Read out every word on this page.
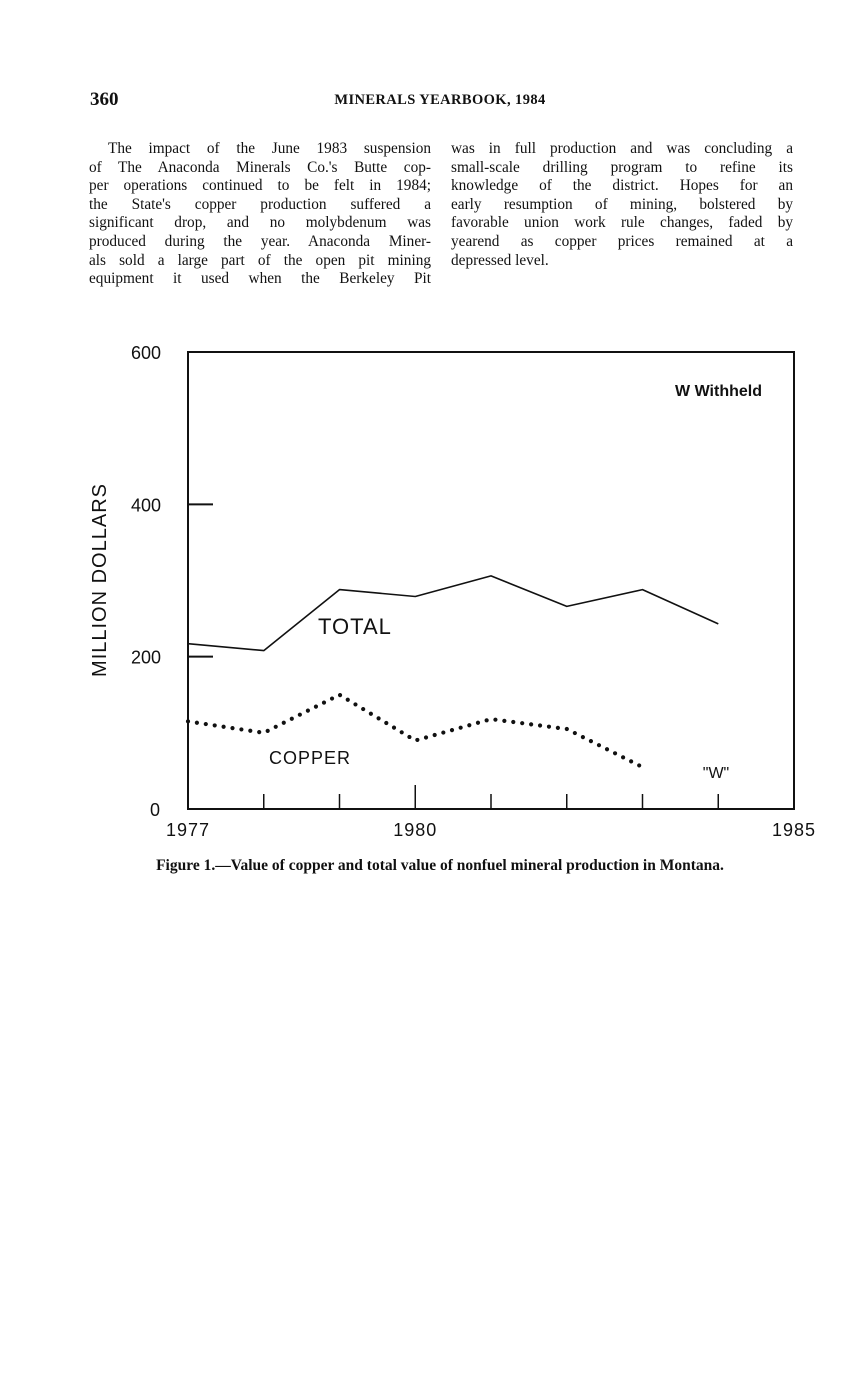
360	MINERALS YEARBOOK, 1984
The impact of the June 1983 suspension
of The Anaconda Minerals Co.'s Butte cop-
per operations continued to be felt in 1984;
the State's copper production suffered a
significant drop, and no molybdenum was
produced during the year. Anaconda Miner-
als sold a large part of the open pit mining
equipment it used when the Berkeley Pit
was in full production and was concluding a
small-scale drilling program to refine its
knowledge of the district. Hopes for an
early resumption of mining, bolstered by
favorable union work rule changes, faded by
yearend as copper prices remained at a
depressed level.
0
200
400
600
1977	1980	1985
MILLION DOLLARS
W Withheld
TOTAL
COPPER
"W"
Figure 1.—Value of copper and total value of nonfuel mineral production in Montana.
